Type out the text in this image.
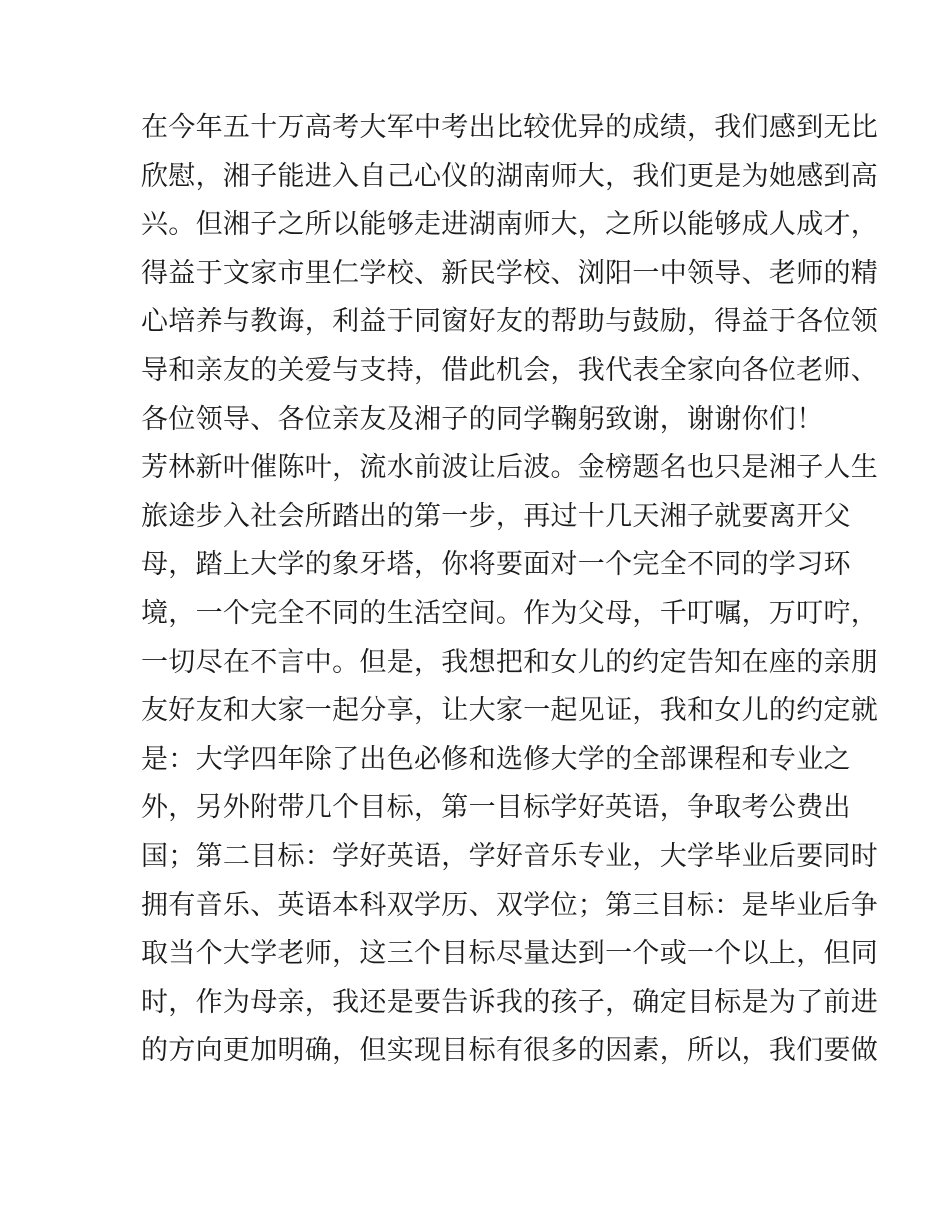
在今年五十万高考大军中考出比较优异的成绩，我们感到无比
欣慰，湘子能进入自己心仪的湖南师大，我们更是为她感到高
兴。但湘子之所以能够走进湖南师大，之所以能够成人成才，
得益于文家市里仁学校、新民学校、浏阳一中领导、老师的精
心培养与教诲，利益于同窗好友的帮助与鼓励，得益于各位领
导和亲友的关爱与支持，借此机会，我代表全家向各位老师、
各位领导、各位亲友及湘子的同学鞠躬致谢，谢谢你们！
芳林新叶催陈叶，流水前波让后波。金榜题名也只是湘子人生
旅途步入社会所踏出的第一步，再过十几天湘子就要离开父
母，踏上大学的象牙塔，你将要面对一个完全不同的学习环
境，一个完全不同的生活空间。作为父母，千叮嘱，万叮咛，
一切尽在不言中。但是，我想把和女儿的约定告知在座的亲朋
友好友和大家一起分享，让大家一起见证，我和女儿的约定就
是：大学四年除了出色必修和选修大学的全部课程和专业之
外，另外附带几个目标，第一目标学好英语，争取考公费出
国；第二目标：学好英语，学好音乐专业，大学毕业后要同时
拥有音乐、英语本科双学历、双学位；第三目标：是毕业后争
取当个大学老师，这三个目标尽量达到一个或一个以上，但同
时，作为母亲，我还是要告诉我的孩子，确定目标是为了前进
的方向更加明确，但实现目标有很多的因素，所以，我们要做
